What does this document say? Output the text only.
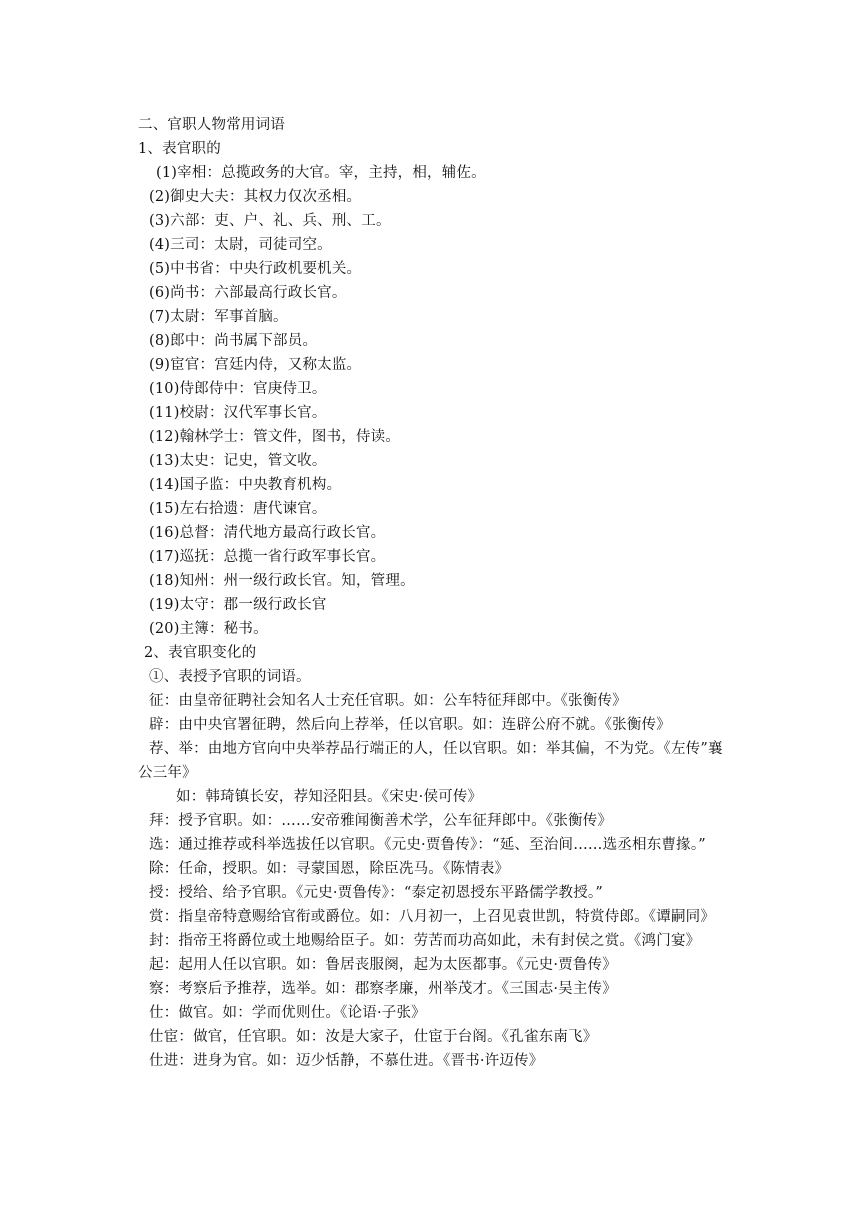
二、官职人物常用词语
1、表官职的
(1)宰相：总揽政务的大官。宰，主持，相，辅佐。
(2)御史大夫：其权力仅次丞相。
(3)六部：吏、户、礼、兵、刑、工。
(4)三司：太尉，司徒司空。
(5)中书省：中央行政机要机关。
(6)尚书：六部最高行政长官。
(7)太尉：军事首脑。
(8)郎中：尚书属下部员。
(9)宦官：宫廷内侍，又称太监。
(10)侍郎侍中：官庚侍卫。
(11)校尉：汉代军事长官。
(12)翰林学士：管文件，图书，侍读。
(13)太史：记史，管文收。
(14)国子监：中央教育机构。
(15)左右拾遗：唐代谏官。
(16)总督：清代地方最高行政长官。
(17)巡抚：总揽一省行政军事长官。
(18)知州：州一级行政长官。知，管理。
(19)太守：郡一级行政长官
(20)主簿：秘书。
2、表官职变化的
①、表授予官职的词语。
征：由皇帝征聘社会知名人士充任官职。如：公车特征拜郎中。《张衡传》
辟：由中央官署征聘，然后向上荐举，任以官职。如：连辟公府不就。《张衡传》
荐、举：由地方官向中央举荐品行端正的人，任以官职。如：举其偏，不为党。《左传”襄
公三年》
如：韩琦镇长安，荐知泾阳县。《宋史·侯可传》
拜：授予官职。如：……安帝雅闻衡善术学，公车征拜郎中。《张衡传》
选：通过推荐或科举选拔任以官职。《元史·贾鲁传》：“延、至治间……选丞相东曹掾。”
除：任命，授职。如：寻蒙国恩，除臣冼马。《陈情表》
授：授给、给予官职。《元史·贾鲁传》：“泰定初恩授东平路儒学教授。”
赏：指皇帝特意赐给官衔或爵位。如：八月初一，上召见袁世凯，特赏侍郎。《谭嗣同》
封：指帝王将爵位或土地赐给臣子。如：劳苦而功高如此，未有封侯之赏。《鸿门宴》
起：起用人任以官职。如：鲁居丧服阕，起为太医都事。《元史·贾鲁传》
察：考察后予推荐，选举。如：郡察孝廉，州举茂才。《三国志·吴主传》
仕：做官。如：学而优则仕。《论语·子张》
仕宦：做官，任官职。如：汝是大家子，仕宦于台阁。《孔雀东南飞》
仕进：进身为官。如：迈少恬静，不慕仕进。《晋书·许迈传》
